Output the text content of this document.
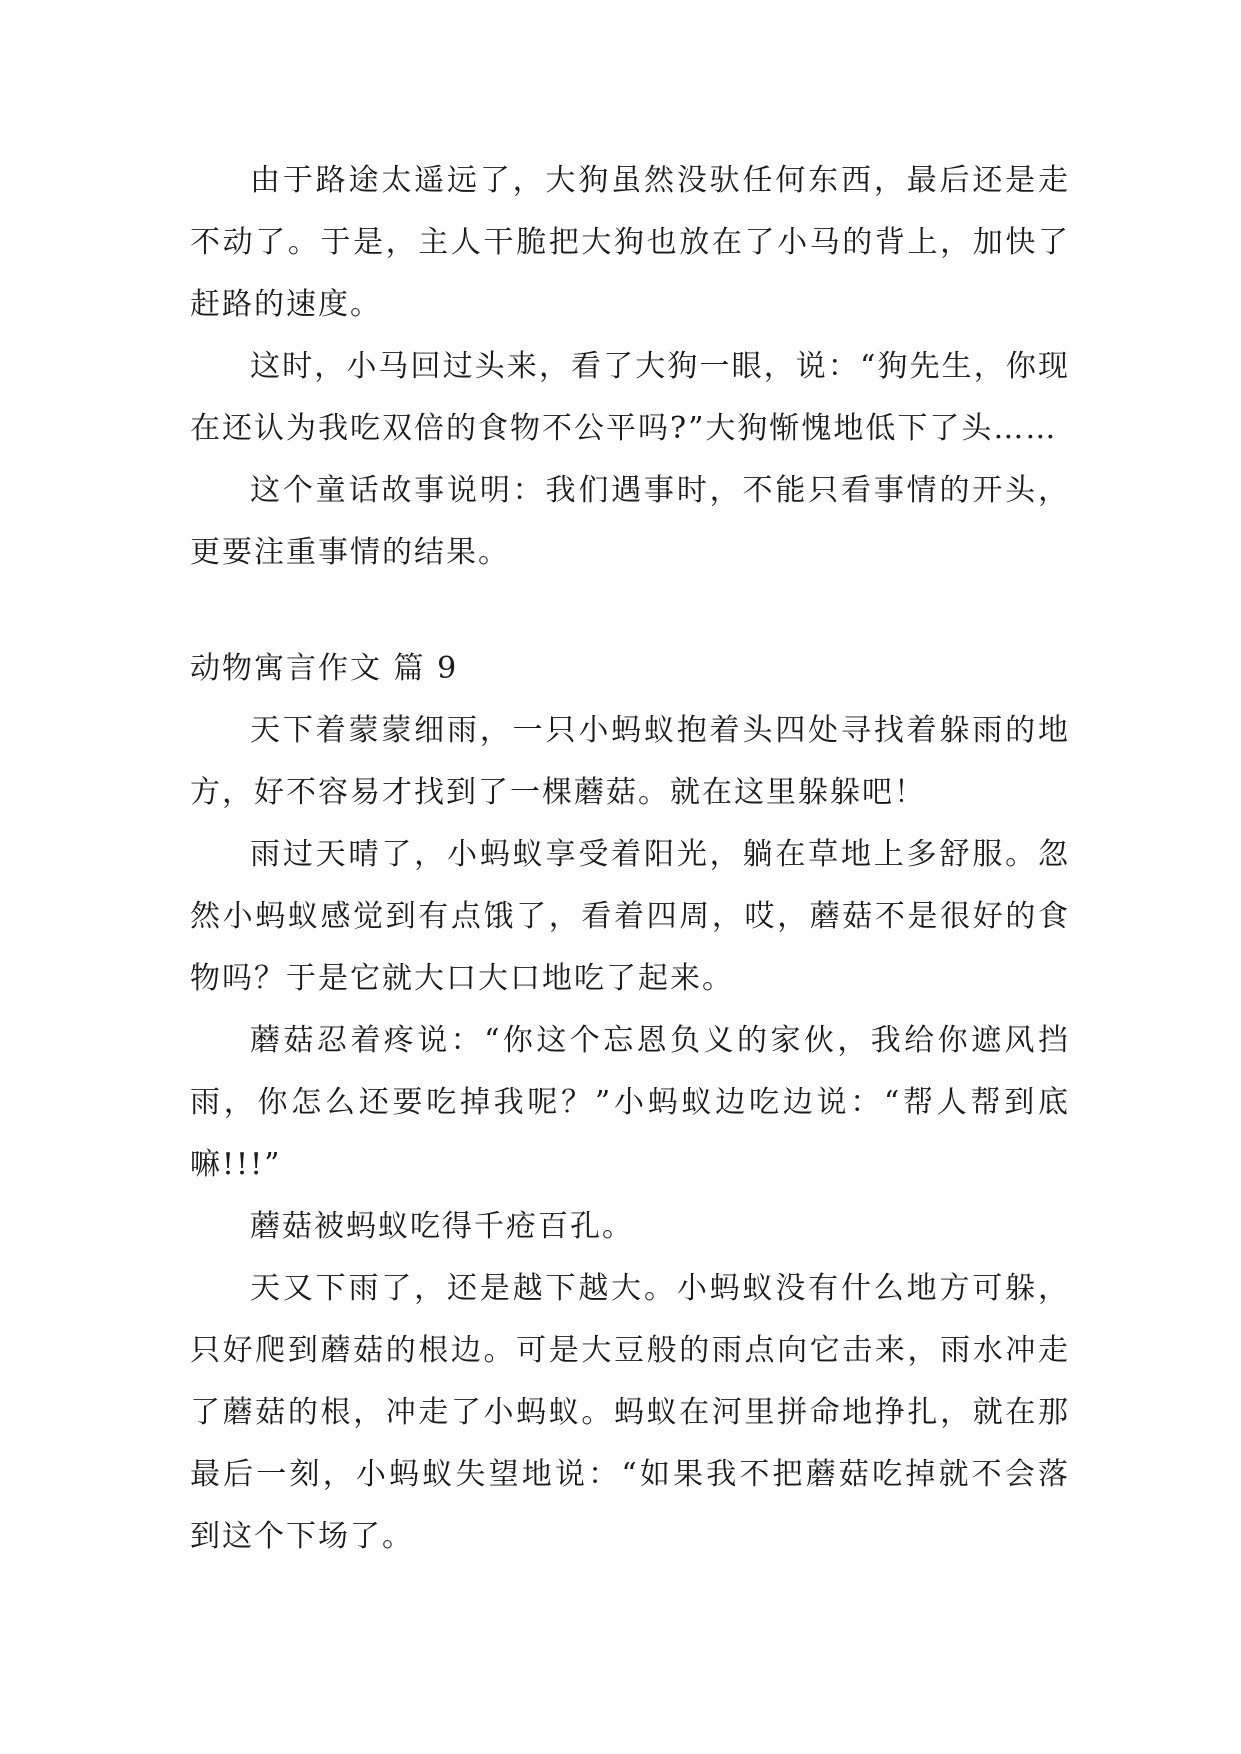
由于路途太遥远了，大狗虽然没驮任何东西，最后还是走不动了。于是，主人干脆把大狗也放在了小马的背上，加快了赶路的速度。

这时，小马回过头来，看了大狗一眼，说：“狗先生，你现在还认为我吃双倍的食物不公平吗?”大狗惭愧地低下了头……

这个童话故事说明：我们遇事时，不能只看事情的开头，更要注重事情的结果。

动物寓言作文 篇 9

天下着蒙蒙细雨，一只小蚂蚁抱着头四处寻找着躲雨的地方，好不容易才找到了一棵蘑菇。就在这里躲躲吧！

雨过天晴了，小蚂蚁享受着阳光，躺在草地上多舒服。忽然小蚂蚁感觉到有点饿了，看着四周，哎，蘑菇不是很好的食物吗？于是它就大口大口地吃了起来。

蘑菇忍着疼说：“你这个忘恩负义的家伙，我给你遮风挡雨，你怎么还要吃掉我呢？”小蚂蚁边吃边说：“帮人帮到底嘛!!!”

蘑菇被蚂蚁吃得千疮百孔。

天又下雨了，还是越下越大。小蚂蚁没有什么地方可躲，只好爬到蘑菇的根边。可是大豆般的雨点向它击来，雨水冲走了蘑菇的根，冲走了小蚂蚁。蚂蚁在河里拼命地挣扎，就在那最后一刻，小蚂蚁失望地说：“如果我不把蘑菇吃掉就不会落到这个下场了。
